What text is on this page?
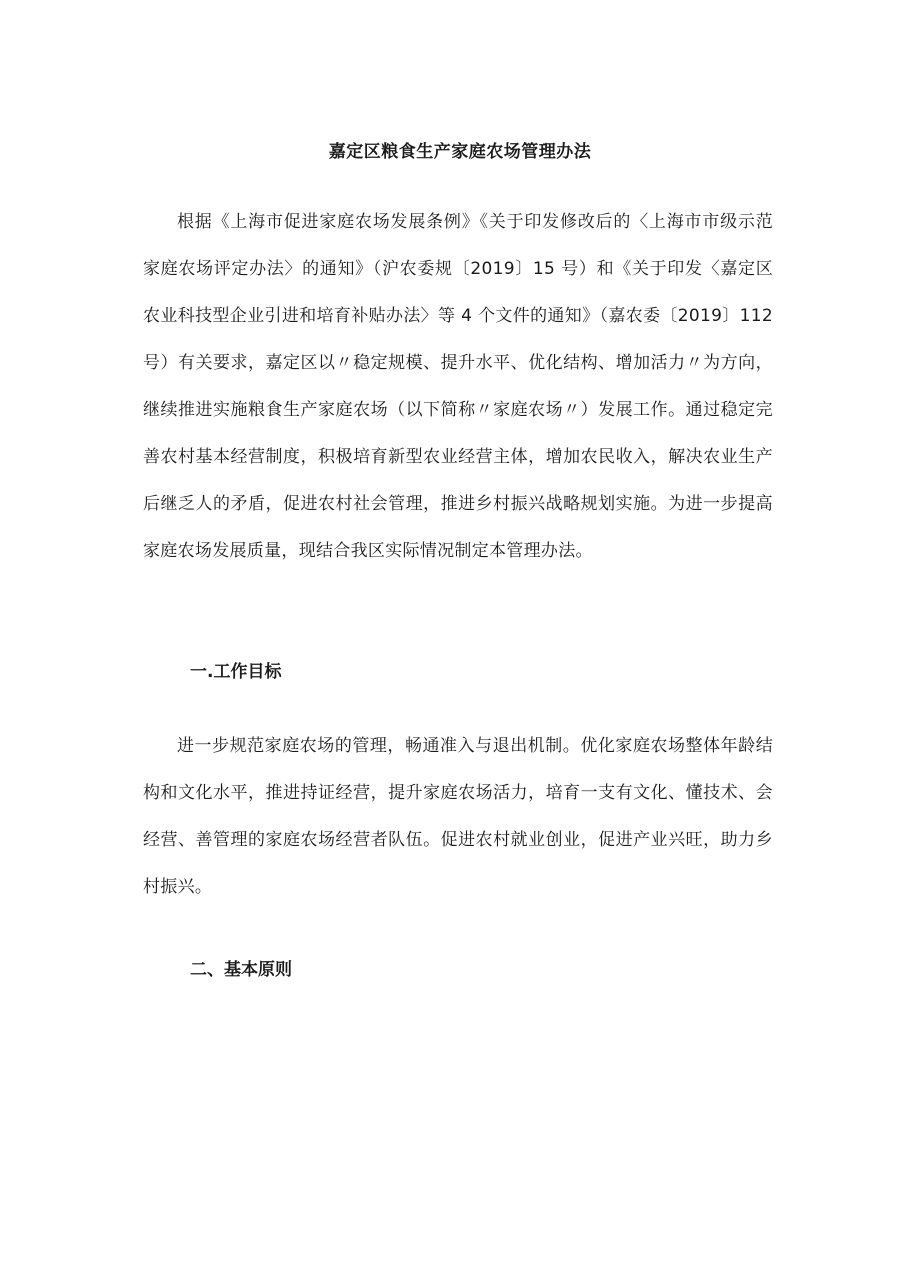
嘉定区粮食生产家庭农场管理办法

根据《上海市促进家庭农场发展条例》《关于印发修改后的〈上海市市级示范家庭农场评定办法〉的通知》（沪农委规〔2019〕15 号）和《关于印发〈嘉定区农业科技型企业引进和培育补贴办法〉等 4 个文件的通知》（嘉农委〔2019〕112 号）有关要求，嘉定区以〃稳定规模、提升水平、优化结构、增加活力〃为方向，继续推进实施粮食生产家庭农场（以下简称〃家庭农场〃）发展工作。通过稳定完善农村基本经营制度，积极培育新型农业经营主体，增加农民收入，解决农业生产后继乏人的矛盾，促进农村社会管理，推进乡村振兴战略规划实施。为进一步提高家庭农场发展质量，现结合我区实际情况制定本管理办法。

一.工作目标

进一步规范家庭农场的管理，畅通准入与退出机制。优化家庭农场整体年龄结构和文化水平，推进持证经营，提升家庭农场活力，培育一支有文化、懂技术、会经营、善管理的家庭农场经营者队伍。促进农村就业创业，促进产业兴旺，助力乡村振兴。

二、基本原则
